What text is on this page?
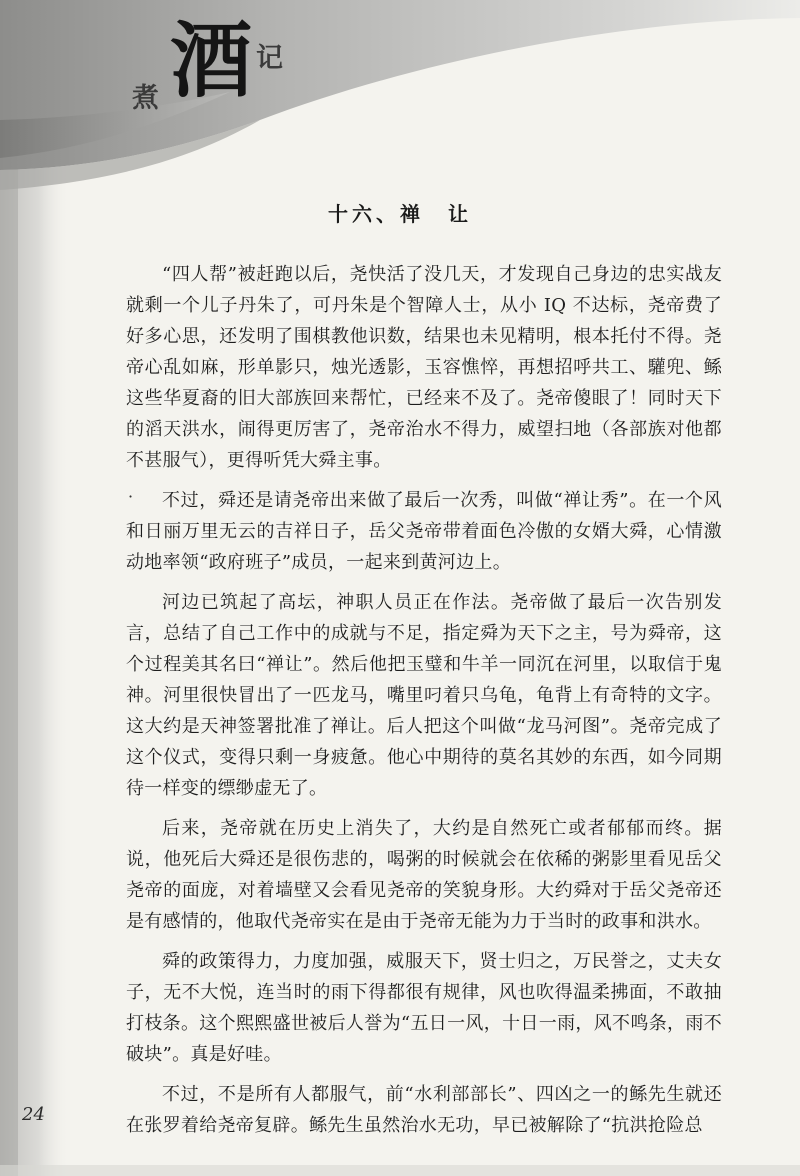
煮 酒 记
十六、禅　让
·

“四人帮”被赶跑以后，尧快活了没几天，才发现自己身边的忠实战友就剩一个儿子丹朱了，可丹朱是个智障人士，从小 IQ 不达标，尧帝费了好多心思，还发明了围棋教他识数，结果也未见精明，根本托付不得。尧帝心乱如麻，形单影只，烛光透影，玉容憔悴，再想招呼共工、驩兜、鲧这些华夏裔的旧大部族回来帮忙，已经来不及了。尧帝傻眼了！同时天下的滔天洪水，闹得更厉害了，尧帝治水不得力，威望扫地（各部族对他都不甚服气），更得听凭大舜主事。

不过，舜还是请尧帝出来做了最后一次秀，叫做“禅让秀”。在一个风和日丽万里无云的吉祥日子，岳父尧帝带着面色冷傲的女婿大舜，心情激动地率领“政府班子”成员，一起来到黄河边上。

河边已筑起了高坛，神职人员正在作法。尧帝做了最后一次告别发言，总结了自己工作中的成就与不足，指定舜为天下之主，号为舜帝，这个过程美其名曰“禅让”。然后他把玉璧和牛羊一同沉在河里，以取信于鬼神。河里很快冒出了一匹龙马，嘴里叼着只乌龟，龟背上有奇特的文字。这大约是天神签署批准了禅让。后人把这个叫做“龙马河图”。尧帝完成了这个仪式，变得只剩一身疲惫。他心中期待的莫名其妙的东西，如今同期待一样变的缥缈虚无了。

后来，尧帝就在历史上消失了，大约是自然死亡或者郁郁而终。据说，他死后大舜还是很伤悲的，喝粥的时候就会在依稀的粥影里看见岳父尧帝的面庞，对着墙壁又会看见尧帝的笑貌身形。大约舜对于岳父尧帝还是有感情的，他取代尧帝实在是由于尧帝无能为力于当时的政事和洪水。

舜的政策得力，力度加强，威服天下，贤士归之，万民誉之，丈夫女子，无不大悦，连当时的雨下得都很有规律，风也吹得温柔拂面，不敢抽打枝条。这个熙熙盛世被后人誉为“五日一风，十日一雨，风不鸣条，雨不破块”。真是好哇。

不过，不是所有人都服气，前“水利部部长”、四凶之一的鲧先生就还在张罗着给尧帝复辟。鲧先生虽然治水无功，早已被解除了“抗洪抢险总

24
